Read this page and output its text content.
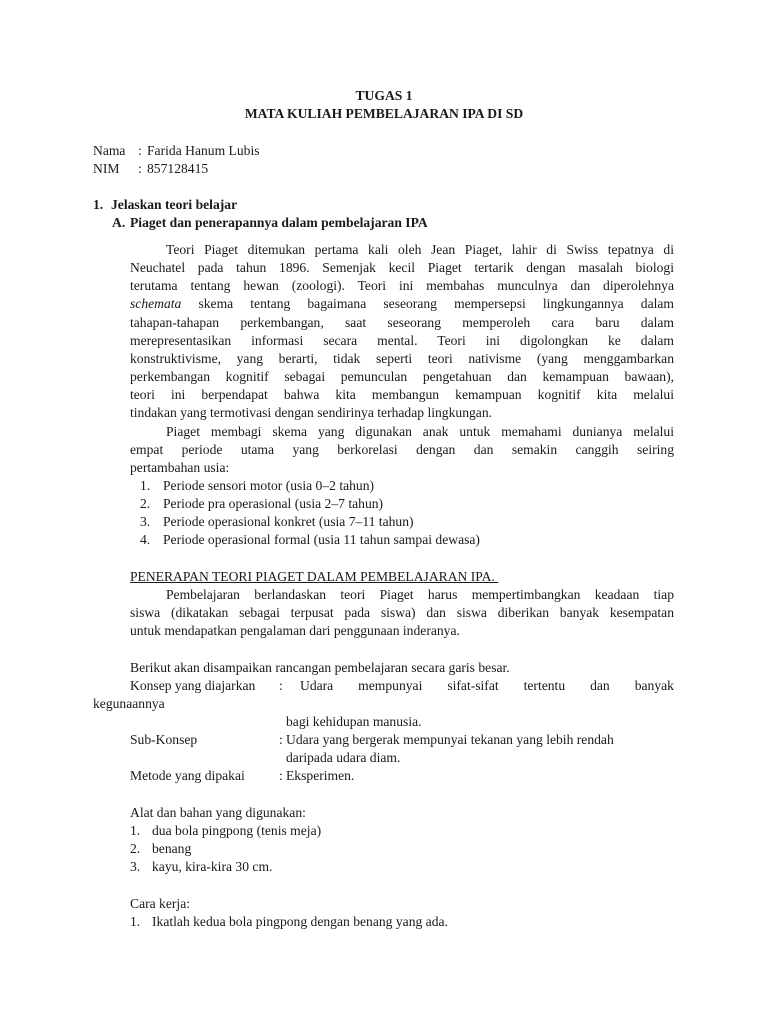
TUGAS 1
MATA KULIAH PEMBELAJARAN IPA DI SD
Nama : Farida Hanum Lubis
NIM : 857128415
1. Jelaskan teori belajar
A. Piaget dan penerapannya dalam pembelajaran IPA
Teori Piaget ditemukan pertama kali oleh Jean Piaget, lahir di Swiss tepatnya di
Neuchatel pada tahun 1896. Semenjak kecil Piaget tertarik dengan masalah biologi
terutama tentang hewan (zoologi). Teori ini membahas munculnya dan diperolehnya
schemata skema tentang bagaimana seseorang mempersepsi lingkungannya dalam
tahapan-tahapan perkembangan, saat seseorang memperoleh cara baru dalam
merepresentasikan informasi secara mental. Teori ini digolongkan ke dalam
konstruktivisme, yang berarti, tidak seperti teori nativisme (yang menggambarkan
perkembangan kognitif sebagai pemunculan pengetahuan dan kemampuan bawaan),
teori ini berpendapat bahwa kita membangun kemampuan kognitif kita melalui
tindakan yang termotivasi dengan sendirinya terhadap lingkungan.
Piaget membagi skema yang digunakan anak untuk memahami dunianya melalui
empat periode utama yang berkorelasi dengan dan semakin canggih seiring
pertambahan usia:
1. Periode sensori motor (usia 0–2 tahun)
2. Periode pra operasional (usia 2–7 tahun)
3. Periode operasional konkret (usia 7–11 tahun)
4. Periode operasional formal (usia 11 tahun sampai dewasa)
PENERAPAN TEORI PIAGET DALAM PEMBELAJARAN IPA.
Pembelajaran berlandaskan teori Piaget harus mempertimbangkan keadaan tiap
siswa (dikatakan sebagai terpusat pada siswa) dan siswa diberikan banyak kesempatan
untuk mendapatkan pengalaman dari penggunaan inderanya.
Berikut akan disampaikan rancangan pembelajaran secara garis besar.
Konsep yang diajarkan : Udara mempunyai sifat-sifat tertentu dan banyak
kegunaannya
bagi kehidupan manusia.
Sub-Konsep	: Udara yang bergerak mempunyai tekanan yang lebih rendah
daripada udara diam.
Metode yang dipakai	: Eksperimen.
Alat dan bahan yang digunakan:
1. dua bola pingpong (tenis meja)
2. benang
3. kayu, kira-kira 30 cm.
Cara kerja:
1. Ikatlah kedua bola pingpong dengan benang yang ada.
